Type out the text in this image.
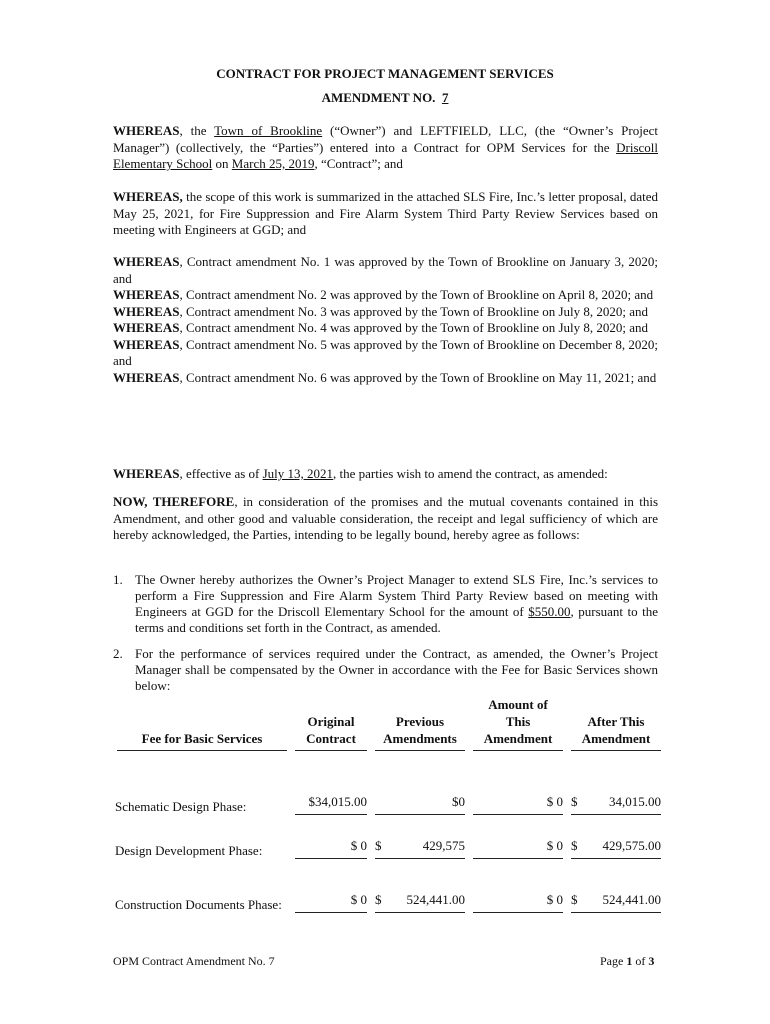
CONTRACT FOR PROJECT MANAGEMENT SERVICES
AMENDMENT NO. 7
WHEREAS, the Town of Brookline (“Owner”) and LEFTFIELD, LLC, (the “Owner’s Project Manager”) (collectively, the “Parties”) entered into a Contract for OPM Services for the Driscoll Elementary School on March 25, 2019, “Contract”; and
WHEREAS, the scope of this work is summarized in the attached SLS Fire, Inc.’s letter proposal, dated May 25, 2021, for Fire Suppression and Fire Alarm System Third Party Review Services based on meeting with Engineers at GGD; and
WHEREAS, Contract amendment No. 1 was approved by the Town of Brookline on January 3, 2020; and
WHEREAS, Contract amendment No. 2 was approved by the Town of Brookline on April 8, 2020; and
WHEREAS, Contract amendment No. 3 was approved by the Town of Brookline on July 8, 2020; and
WHEREAS, Contract amendment No. 4 was approved by the Town of Brookline on July 8, 2020; and
WHEREAS, Contract amendment No. 5 was approved by the Town of Brookline on December 8, 2020; and
WHEREAS, Contract amendment No. 6 was approved by the Town of Brookline on May 11, 2021; and
WHEREAS, effective as of July 13, 2021, the parties wish to amend the contract, as amended:
NOW, THEREFORE, in consideration of the promises and the mutual covenants contained in this Amendment, and other good and valuable consideration, the receipt and legal sufficiency of which are hereby acknowledged, the Parties, intending to be legally bound, hereby agree as follows:
1. The Owner hereby authorizes the Owner’s Project Manager to extend SLS Fire, Inc.’s services to perform a Fire Suppression and Fire Alarm System Third Party Review based on meeting with Engineers at GGD for the Driscoll Elementary School for the amount of $550.00, pursuant to the terms and conditions set forth in the Contract, as amended.
2. For the performance of services required under the Contract, as amended, the Owner’s Project Manager shall be compensated by the Owner in accordance with the Fee for Basic Services shown below:
Fee for Basic Services	Original Contract	Previous Amendments	Amount of This Amendment	After This Amendment

Schematic Design Phase:	$34,015.00	$0	$ 0	$ 34,015.00

Design Development Phase:	$ 0	$ 429,575	$ 0	$ 429,575.00

Construction Documents Phase:	$ 0	$ 524,441.00	$ 0	$ 524,441.00
OPM Contract Amendment No. 7	Page 1 of 3
